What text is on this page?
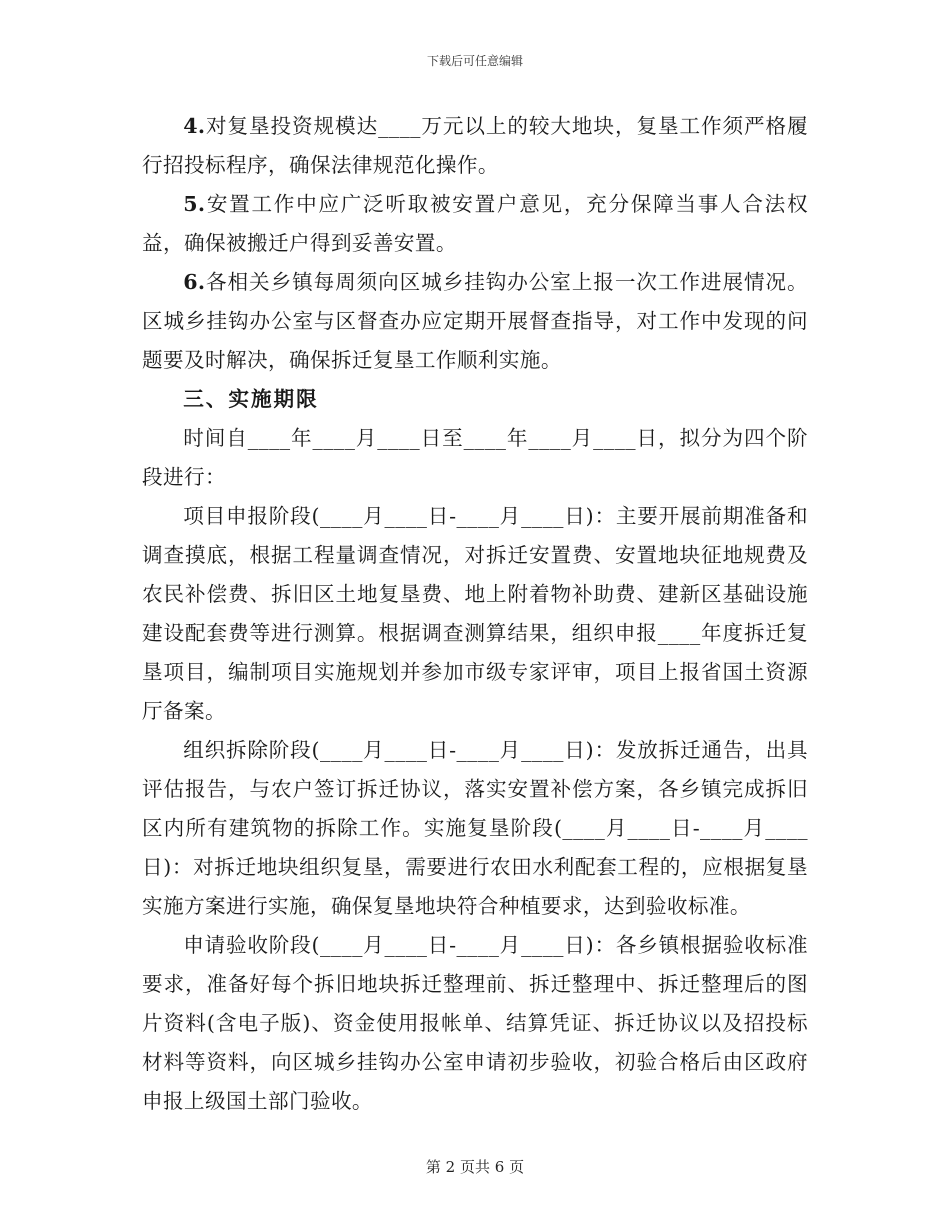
下载后可任意编辑

4.对复垦投资规模达____万元以上的较大地块，复垦工作须严格履行招投标程序，确保法律规范化操作。

5.安置工作中应广泛听取被安置户意见，充分保障当事人合法权益，确保被搬迁户得到妥善安置。

6.各相关乡镇每周须向区城乡挂钩办公室上报一次工作进展情况。区城乡挂钩办公室与区督查办应定期开展督查指导，对工作中发现的问题要及时解决，确保拆迁复垦工作顺利实施。

三、实施期限

时间自____年____月____日至____年____月____日，拟分为四个阶段进行：

项目申报阶段(____月____日-____月____日)：主要开展前期准备和调查摸底，根据工程量调查情况，对拆迁安置费、安置地块征地规费及农民补偿费、拆旧区土地复垦费、地上附着物补助费、建新区基础设施建设配套费等进行测算。根据调查测算结果，组织申报____年度拆迁复垦项目，编制项目实施规划并参加市级专家评审，项目上报省国土资源厅备案。

组织拆除阶段(____月____日-____月____日)：发放拆迁通告，出具评估报告，与农户签订拆迁协议，落实安置补偿方案，各乡镇完成拆旧区内所有建筑物的拆除工作。实施复垦阶段(____月____日-____月____日)：对拆迁地块组织复垦，需要进行农田水利配套工程的，应根据复垦实施方案进行实施，确保复垦地块符合种植要求，达到验收标准。

申请验收阶段(____月____日-____月____日)：各乡镇根据验收标准要求，准备好每个拆旧地块拆迁整理前、拆迁整理中、拆迁整理后的图片资料(含电子版)、资金使用报帐单、结算凭证、拆迁协议以及招投标材料等资料，向区城乡挂钩办公室申请初步验收，初验合格后由区政府申报上级国土部门验收。

第 2 页共 6 页
